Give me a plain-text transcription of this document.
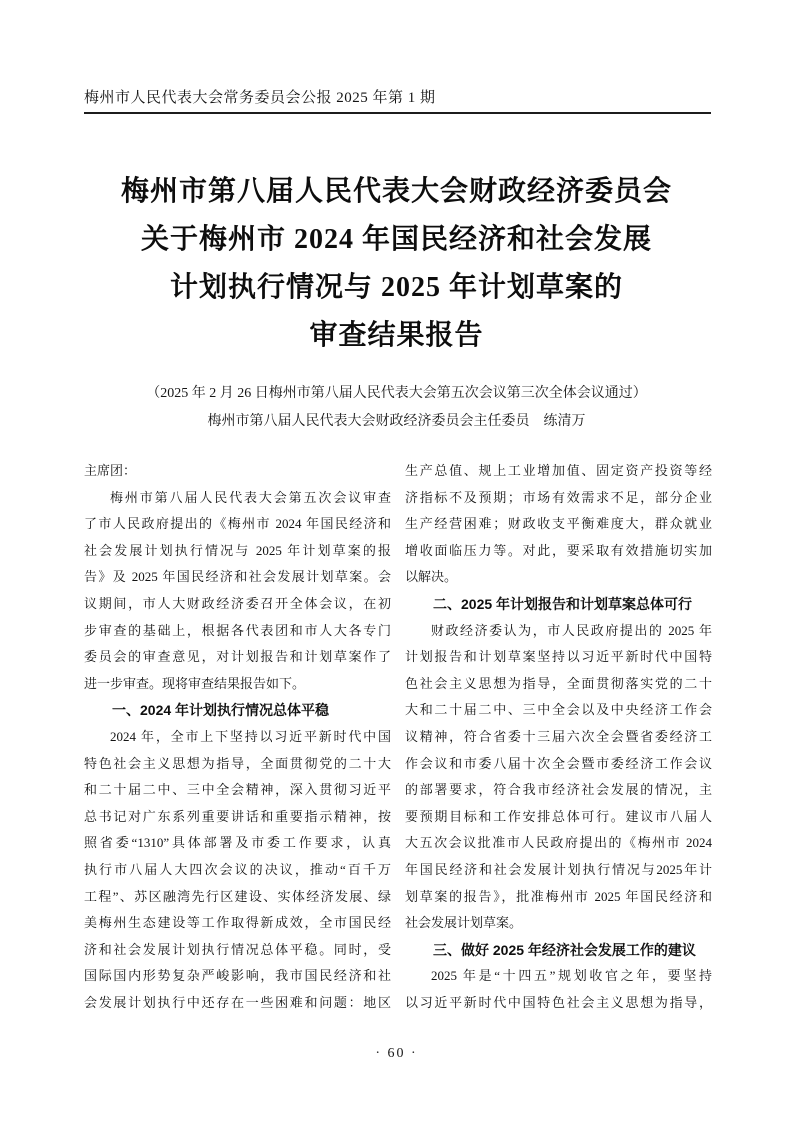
梅州市人民代表大会常务委员会公报 2025 年第 1 期
梅州市第八届人民代表大会财政经济委员会
关于梅州市 2024 年国民经济和社会发展
计划执行情况与 2025 年计划草案的
审查结果报告
（2025 年 2 月 26 日梅州市第八届人民代表大会第五次会议第三次全体会议通过）
梅州市第八届人民代表大会财政经济委员会主任委员　练清万
主席团：
梅州市第八届人民代表大会第五次会议审查
了市人民政府提出的《梅州市 2024 年国民经济和
社会发展计划执行情况与 2025 年计划草案的报
告》及 2025 年国民经济和社会发展计划草案。会
议期间，市人大财政经济委召开全体会议，在初
步审查的基础上，根据各代表团和市人大各专门
委员会的审查意见，对计划报告和计划草案作了
进一步审查。现将审查结果报告如下。
一、2024 年计划执行情况总体平稳
2024 年，全市上下坚持以习近平新时代中国
特色社会主义思想为指导，全面贯彻党的二十大
和二十届二中、三中全会精神，深入贯彻习近平
总书记对广东系列重要讲话和重要指示精神，按
照省委“1310”具体部署及市委工作要求，认真
执行市八届人大四次会议的决议，推动“百千万
工程”、苏区融湾先行区建设、实体经济发展、绿
美梅州生态建设等工作取得新成效，全市国民经
济和社会发展计划执行情况总体平稳。同时，受
国际国内形势复杂严峻影响，我市国民经济和社
会发展计划执行中还存在一些困难和问题：地区
生产总值、规上工业增加值、固定资产投资等经
济指标不及预期；市场有效需求不足，部分企业
生产经营困难；财政收支平衡难度大，群众就业
增收面临压力等。对此，要采取有效措施切实加
以解决。
二、2025 年计划报告和计划草案总体可行
财政经济委认为，市人民政府提出的 2025 年
计划报告和计划草案坚持以习近平新时代中国特
色社会主义思想为指导，全面贯彻落实党的二十
大和二十届二中、三中全会以及中央经济工作会
议精神，符合省委十三届六次全会暨省委经济工
作会议和市委八届十次全会暨市委经济工作会议
的部署要求，符合我市经济社会发展的情况，主
要预期目标和工作安排总体可行。建议市八届人
大五次会议批准市人民政府提出的《梅州市 2024
年国民经济和社会发展计划执行情况与2025年计
划草案的报告》，批准梅州市 2025 年国民经济和
社会发展计划草案。
三、做好 2025 年经济社会发展工作的建议
2025 年是“十四五”规划收官之年，要坚持
以习近平新时代中国特色社会主义思想为指导，
· 60 ·
